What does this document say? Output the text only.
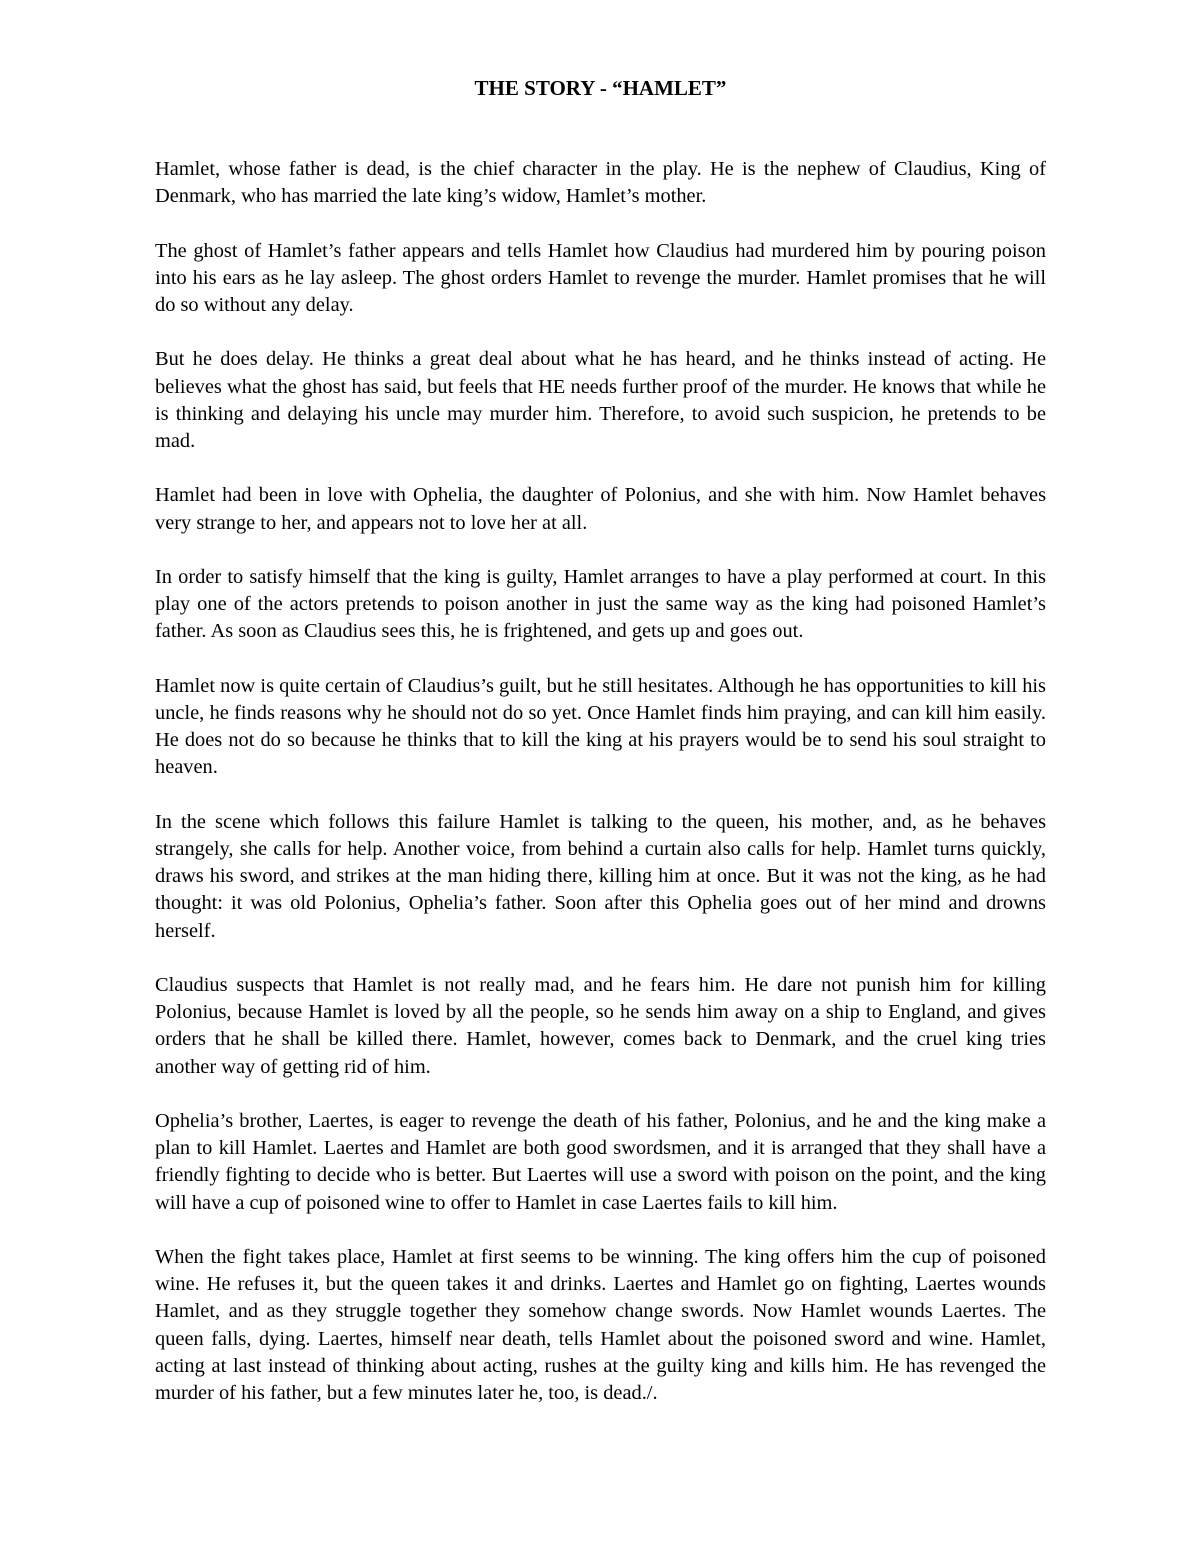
THE STORY - “HAMLET”

Hamlet, whose father is dead, is the chief character in the play. He is the nephew of Claudius, King of Denmark, who has married the late king’s widow, Hamlet’s mother.

The ghost of Hamlet’s father appears and tells Hamlet how Claudius had murdered him by pouring poison into his ears as he lay asleep. The ghost orders Hamlet to revenge the murder. Hamlet promises that he will do so without any delay.

But he does delay. He thinks a great deal about what he has heard, and he thinks instead of acting. He believes what the ghost has said, but feels that HE needs further proof of the murder. He knows that while he is thinking and delaying his uncle may murder him. Therefore, to avoid such suspicion, he pretends to be mad.

Hamlet had been in love with Ophelia, the daughter of Polonius, and she with him. Now Hamlet behaves very strange to her, and appears not to love her at all.

In order to satisfy himself that the king is guilty, Hamlet arranges to have a play performed at court. In this play one of the actors pretends to poison another in just the same way as the king had poisoned Hamlet’s father. As soon as Claudius sees this, he is frightened, and gets up and goes out.

Hamlet now is quite certain of Claudius’s guilt, but he still hesitates. Although he has opportunities to kill his uncle, he finds reasons why he should not do so yet. Once Hamlet finds him praying, and can kill him easily. He does not do so because he thinks that to kill the king at his prayers would be to send his soul straight to heaven.

In the scene which follows this failure Hamlet is talking to the queen, his mother, and, as he behaves strangely, she calls for help. Another voice, from behind a curtain also calls for help. Hamlet turns quickly, draws his sword, and strikes at the man hiding there, killing him at once. But it was not the king, as he had thought: it was old Polonius, Ophelia’s father. Soon after this Ophelia goes out of her mind and drowns herself.

Claudius suspects that Hamlet is not really mad, and he fears him. He dare not punish him for killing Polonius, because Hamlet is loved by all the people, so he sends him away on a ship to England, and gives orders that he shall be killed there. Hamlet, however, comes back to Denmark, and the cruel king tries another way of getting rid of him.

Ophelia’s brother, Laertes, is eager to revenge the death of his father, Polonius, and he and the king make a plan to kill Hamlet. Laertes and Hamlet are both good swordsmen, and it is arranged that they shall have a friendly fighting to decide who is better. But Laertes will use a sword with poison on the point, and the king will have a cup of poisoned wine to offer to Hamlet in case Laertes fails to kill him.

When the fight takes place, Hamlet at first seems to be winning. The king offers him the cup of poisoned wine. He refuses it, but the queen takes it and drinks. Laertes and Hamlet go on fighting, Laertes wounds Hamlet, and as they struggle together they somehow change swords. Now Hamlet wounds Laertes. The queen falls, dying. Laertes, himself near death, tells Hamlet about the poisoned sword and wine. Hamlet, acting at last instead of thinking about acting, rushes at the guilty king and kills him. He has revenged the murder of his father, but a few minutes later he, too, is dead./.
